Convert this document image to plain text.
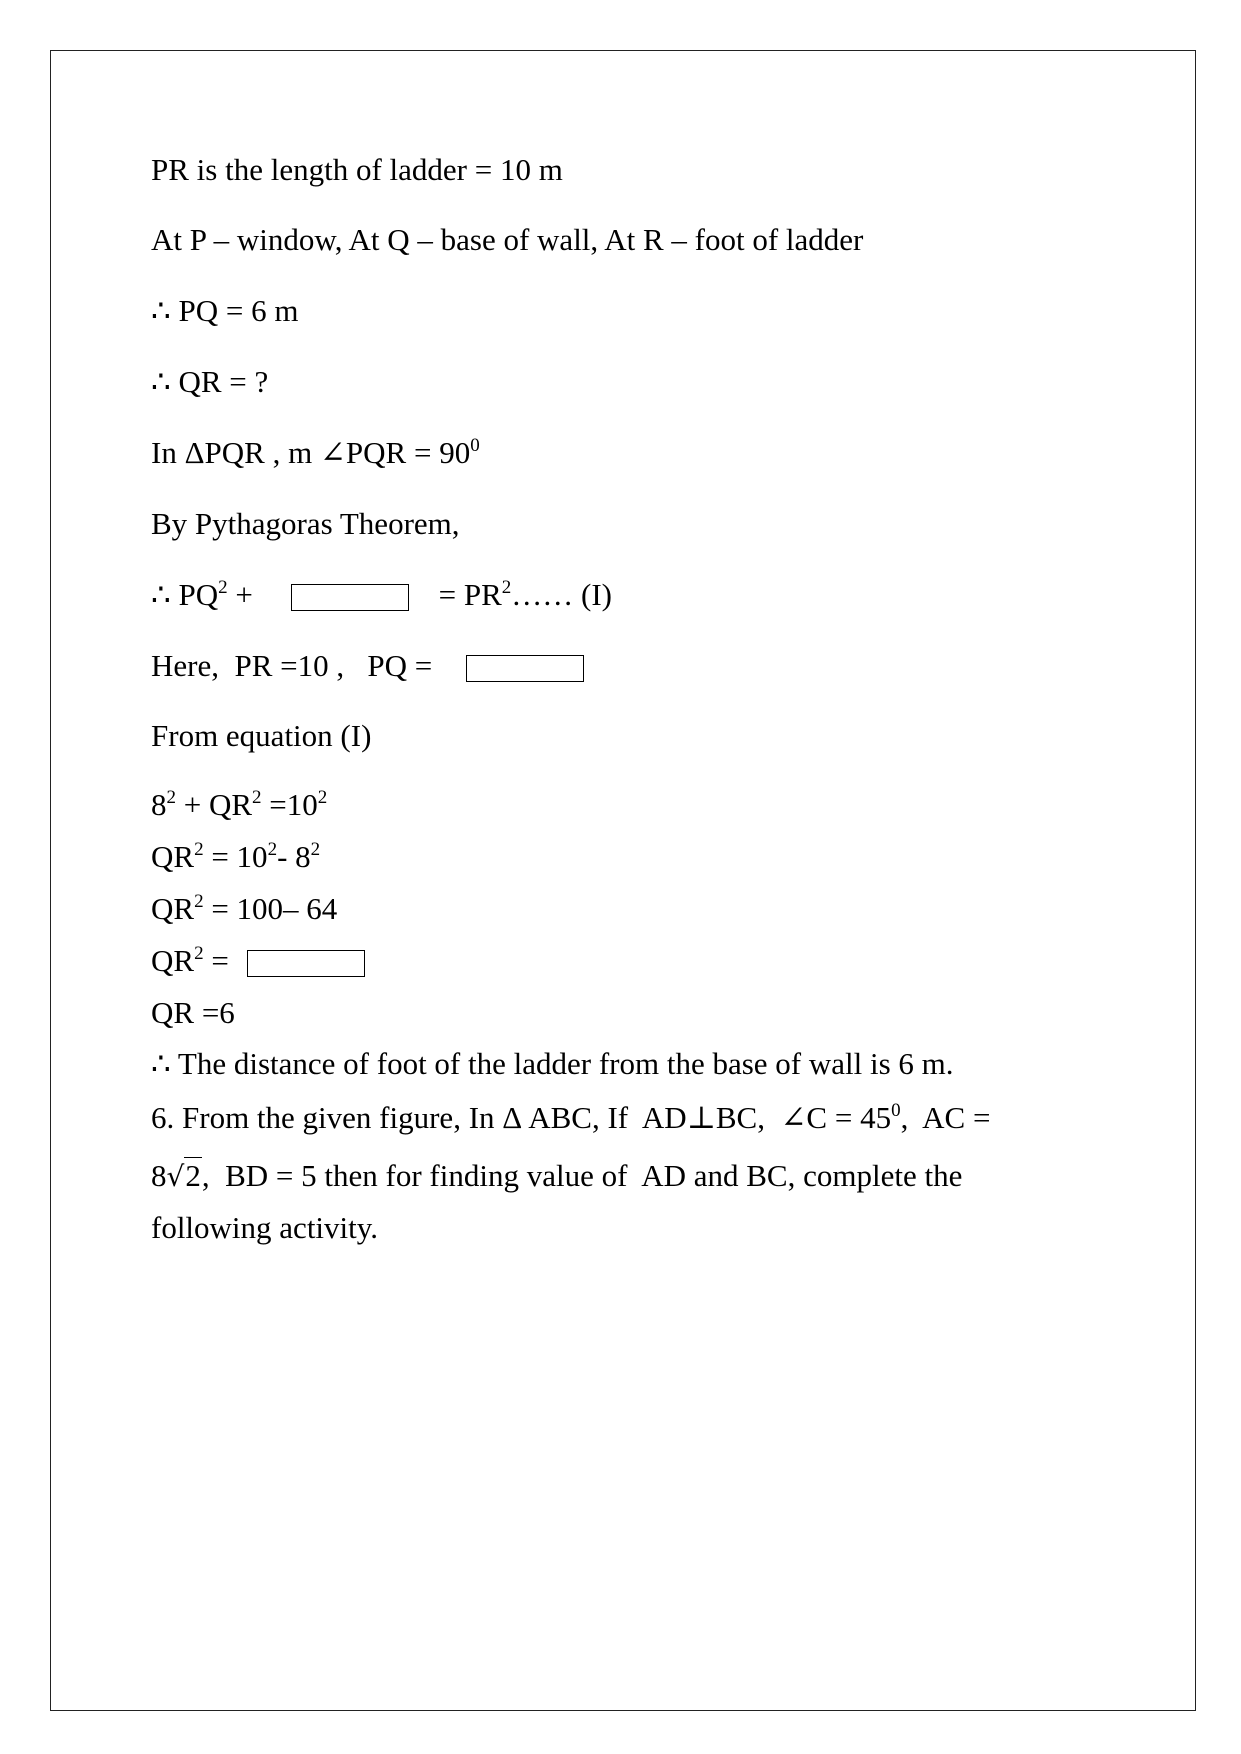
PR is the length of ladder = 10 m
At P – window, At Q – base of wall, At R – foot of ladder
∴ PQ = 6 m
∴ QR = ?
In ΔPQR , m ∠PQR = $90^0$
By Pythagoras Theorem,
∴ $PQ^2$ +	= $PR^2\dots\dots$ (I)
Here,  PR =10 ,   PQ =
From equation (I)
$8^2 + QR^2 =10^2$
$QR^2 = 10^2-$ $8^2$
$QR^2 = 100-$ 64
$QR^2$ =
QR =6
∴ The distance of foot of the ladder from the base of wall is 6 m.
6. From the given figure, In Δ ABC, If  AD⊥BC,  ∠C = $45^0$,  AC =
8√2,  BD = 5 then for finding value of  AD and BC, complete the
following activity.
